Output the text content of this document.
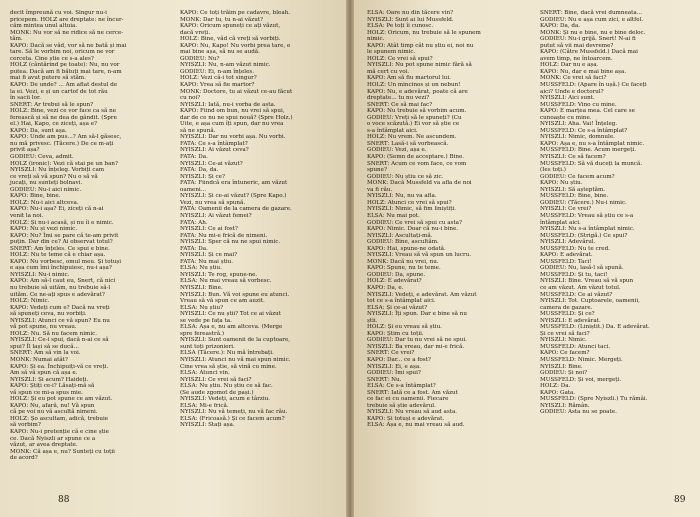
decit împreună cu voi. Singur nu-i

pricepem. HOLZ are dreptate: ne încur-

căm mintea unul altuia.

MONK: Nu vor să ne ridice să ne cerce-

tăm.

KAPO: Dacă se văd, vor să ne bată și mai

tare. Să le vorbim noi, oricum ne vor

cerceta. Cine știe ce s-a ales?

HOLZ (cântărind pe toate): Nu, nu vor

putea. Dacă am fi bătuți mai tare, n-am

mai fi avut putere să stăm.

KAPO: De unde? ... Am aflat destul de

la ei. Vezi, e și un cartof de tot rău

în sacii lor.

SNERT: Ar trebui să le spun?

HOLZ: Bine, vezi ce vor face ca să ne

ferească și să ne dea de gândit. (Spre

el.) Hai, Kapo, ce ziceți, așa e?

KAPO: Da, sunt așa.

KAPO: Unde am pus...? Am să-l găsesc,

nu mă privesc. (Tăcere.) De ce m-ați

privit așa?

GODIEU: Ceva, admit.

HOLZ (ironic): Vezi că stai pe un ban?

NYISZLI: Nu înțeleg. Vorbiți cam

ce vreți să vă spun? Nu o să vă

jucați, nu sunteți bolnavi.

GODIEU: Nu-i aici nimic.

KAPO: Bine, bine.

HOLZ: Nu-i aici altceva.

KAPO: Nu-i așa? Ei, ziceți că n-ai

venit la noi.

HOLZ: Și nu-i acasă, și nu îi e nimic.

KAPO: Nu și vezi nimic.

KAPO: Nu? Îmi se pare că te-am privit

puțin. Dar din ce? Ai observat totul?

SNERT: Am înțeles. Ce spui e bine.

HOLZ: Nu te teme că e chiar așa.

KAPO: Nu vorbesc, omul meu. Și totuși

e așa cum îmi închipuiesc, nu-i așa?

NYISZLI: Nu-i nimic.

KAPO: Am să-l caut eu, Snert, că nici

nu trebuie să uităm, nu trebuie să-l

uităm. Ce ne-ați spus e adevărat?

HOLZ: Nimic.

KAPO: Vedeți cum e? Dacă nu vreți

să spuneți ceva, nu vorbiți.

NYISZLI: Atunci ce vă spun? Eu nu

vă pot spune, nu vreau.

HOLZ: Nu. Să nu facem nimic.

NYISZLI: Ce-i spui, dacă n-ai ce să

spui? Îl lași să se ducă...

SNERT: Am să vin la voi.

MONK: Numai atât?

KAPO: Și ea. Închipuiți-vă ce vreți.

Am să vă spun că așa e.

NYISZLI: Și acum? Haideți.

KAPO: Știți ce-i? Lăsați-mă să

vă spun ce mi-a spus mie.

HOLZ: Și eu pot spune ce am văzut.

KAPO: Nu, afară, nu! Vă spun

că pe voi nu vă ascultă nimeni.

HOLZ: Șo ascultam, adică, trebuie

să vorbim?

KAPO: Nu-i pretenție că e cine știe

ce. Dacă Nyiszli ar spune ce a

văzut, ar avea dreptate.

MONK: Că așa e, nu? Sunteți cu toții

de acord?

KAPO: Ce toți trăim pe cadavre, bleah.

MONK: Dar tu, tu n-ai văzut?

KAPO: Oricum spuneți ce ați văzut,

dacă vreți.

HOLZ: Bine, văd că vreți să vorbiți.

KAPO: Nu, Kapo! Nu vorbi prea tare, e

mai bine așa, să nu se audă.

GODIEU: Nu?

NYISZLI: Nu, n-am văzut nimic.

GODIEU: Ei, n-am înțeles.

HOLZ: Vezi că-i tot singur?

KAPO: Vrea să fie martor?

MONK: Doctore, tu ai văzut ce-au făcut

cu noi?

NYISZLI: Iată, nu-i vorba de asta.

KAPO: Fiind om bun, nu vrei să spui,

dar de ce nu ne spui nouă? (Spre Holz.)

Uite, e așa cum îți spun, dar nu vrea

să ne spună.

NYISZLI: Dar nu vorbi așa. Nu vorbi.

FATA: Ce s-a întâmplat?

NYISZLI: Ai văzut ceva?

FATA: Da.

NYISZLI: Ce-ai văzut?

FATA: Da, da.

NYISZLI: Și ce?

FATA: Fiindcă era întuneric, am văzut

oameni...

NYISZLI: Și ce-ai văzut? (Spre Kapo.)

Vezi, nu vrea să spună.

FATA: Oamenii de la camera de gazare.

NYISZLI: Ai văzut femei?

FATA: Ah.

NYISZLI: Ce ai fost?

FATA: Nu mi-e frică de nimeni.

NYISZLI: Sper că nu ne spui nimic.

FATA: Da.

NYISZLI: Și ce mai?

FATA: Nu mai știu.

ELSA: Nu știu.

NYISZLI: Te rog, spune-ne.

ELSA: Nu mai vreau să vorbesc.

NYISZLI: Bine.

NYISZLI: Bun. Vă voi spune eu atunci.

Vreau să vă spun ce am auzit.

ELSA: Nu știu?

NYISZLI: Ce nu știi? Tot ce ai văzut

se vede pe fața ta.

ELSA: Așa e, nu am altceva. (Merge

spre fereastră.)

NYISZLI: Sunt oamenii de la cuptoare,

sunt toți prizonieri.

ELSA (Tăcere.): Nu mă întrebați.

NYISZLI: Atunci nu vă mai spun nimic.

Cine vrea să știe, să vină cu mine.

ELSA: Atunci vin.

NYISZLI: Ce vrei să faci?

ELSA: Nu știu. Nu știu ce să fac.

(Se aude zgomot de pași.)

NYISZLI: Vedeți, acum e târziu.

ELSA: Mi-e frică.

NYISZLI: Nu vă temeți, nu vă fac rău.

ELSA: (Fricoasă.) Și ce facem acum?

NYISZLI: Stați așa.

88

ELSA: Oare nu din tăcere vin?

NYISZLI: Sunt ai lui Mussfeld.

ELSA: Pe toți îi cunosc.

HOLZ: Oricum, nu trebuie să le spunem

nimic.

KAPO: Atât timp cât nu știu ei, noi nu

le spunem nimic.

HOLZ: Ce vrei să spui?

NYISZLI: Nu pot spune nimic fără să

mă cert cu voi.

KAPO: Am să fiu martorul lui.

HOLZ: Un mincinos și un nebun!

KAPO: Nu, e adevărat, poate că are

dreptate... tu nu vezi?

SNERT: Ce să mai fac?

KAPO: Nu trebuie să vorbim acum.

GODIEU: Vreți să le spuneți? (Cu

o voce scăzută.) Ei vor să știe ce

s-a întâmplat aici.

HOLZ: Nu vrem. Ne ascundem.

SNERT: Lasă-i să vorbească.

GODIEU: Vezi, așa e.

KAPO: (Semn de acceptare.) Bine.

SNERT: Acum ce vom face, ce vom

spune?

GODIEU: Nu știu ce să zic.

MONK: Dacă Mussfeld va afla de noi

va fi rău.

NYISZLI: Nu, nu va afla.

HOLZ: Atunci ce vrei să spui?

NYISZLI: Nimic, să fim liniștiți.

ELSA: Nu mai pot.

GODIEU: Ce vrei să spui cu asta?

KAPO: Nimic. Doar că nu-i bine.

NYISZLI: Ascultați-mă.

GODIEU: Bine, ascultăm.

KAPO: Hai, spune-ne odată.

NYISZLI: Vreau să vă spun un lucru.

MONK: Dacă nu vrei, nu.

KAPO: Spune, nu te teme.

GODIEU: Da, spune.

HOLZ: E adevărat?

KAPO: Da, e.

NYISZLI: Vedeți, e adevărat. Am văzut

tot ce s-a întâmplat aici.

ELSA: Și ce-ai văzut?

NYISZLI: Îți spun. Dar e bine să nu

știi.

HOLZ: Și eu vreau să știu.

KAPO: Știm cu toții.

GODIEU: Dar tu nu vrei să ne spui.

NYISZLI: Ba vreau, dar mi-e frică.

SNERT: Ce vrei?

KAPO: Dar... ce a fost?

NYISZLI: Ei, e așa.

GODIEU: Îmi spui?

SNERT: Nu.

ELSA: Ce s-a întâmplat?

SNERT: Iată ce a fost. Am văzut

ce fac ei cu oamenii. Fiecare

trebuie să știe adevărul.

NYISZLI: Nu vreau să aud asta.

KAPO: Și totuși e adevărat.

ELSA: Așa e, nu mai vreau să aud.

SNERT: Bine, dacă vrei dumneata...

GODIEU: Nu e așa cum zici, e altfel.

KAPO: Da, da.

MONK: Și nu e bine, nu e bine deloc.

GODIEU: Nu-i grijă. Snert! N-ai fi

putut să vii mai devreme?

KAPO: (Către Mussfeld.) Dacă mai

avem timp, ne întoarcem.

HOLZ: Dar nu e așa.

KAPO: Nu, dar e mai bine așa.

MONK: Ce vrei să faci?

MUSSFELD: (Apare în ușă.) Ce faceți

aici? Unde e doctorul?

NYISZLI: Aici sunt.

MUSSFELD: Vino cu mine.

KAPO: E marțea mea. Cel care se

cunoaște cu mine.

NYISZLI: Aha. Vai! Înțeleg.

MUSSFELD: Ce s-a întâmplat?

NYISZLI: Nimic, domnule.

KAPO: Așa e, nu s-a întâmplat nimic.

MUSSFELD: Bine. Acum mergeți.

NYISZLI: Ce să facem?

MUSSFELD: Să vă duceți la muncă.

(Ies toți.)

GODIEU: Ce facem acum?

KAPO: Nu știu.

NYISZLI: Să așteptăm.

MUSSFELD: Bine, bine.

GODIEU: (Tăcere.) Nu-i nimic.

NYISZLI: Ce vrei?

MUSSFELD: Vreau să știu ce s-a

întâmplat aici.

NYISZLI: Nu s-a întâmplat nimic.

MUSSFELD: (Strigă.) Ce spui?

NYISZLI: Adevărul.

MUSSFELD: Nu te cred.

KAPO: E adevărat.

MUSSFELD: Taci!

GODIEU: Nu, lasă-l să spună.

MUSSFELD: Și tu, taci!

NYISZLI: Bine. Vreau să vă spun

ce am văzut. Am văzut totul.

MUSSFELD: Ce ai văzut?

NYISZLI: Tot. Cuptoarele, oamenii,

camera de gazare.

MUSSFELD: Și ce?

NYISZLI: E adevărat.

MUSSFELD: (Liniștit.) Da. E adevărat.

Și ce vrei să faci?

NYISZLI: Nimic.

MUSSFELD: Atunci taci.

KAPO: Ce facem?

MUSSFELD: Nimic. Mergeți.

NYISZLI: Bine.

GODIEU: Și noi?

MUSSFELD: Și voi, mergeți.

HOLZ: Da.

KAPO: Gata.

MUSSFELD: (Spre Nyiszli.) Tu rămâi.

NYISZLI: Rămân.

GODIEU: Asta nu se poate.

89
